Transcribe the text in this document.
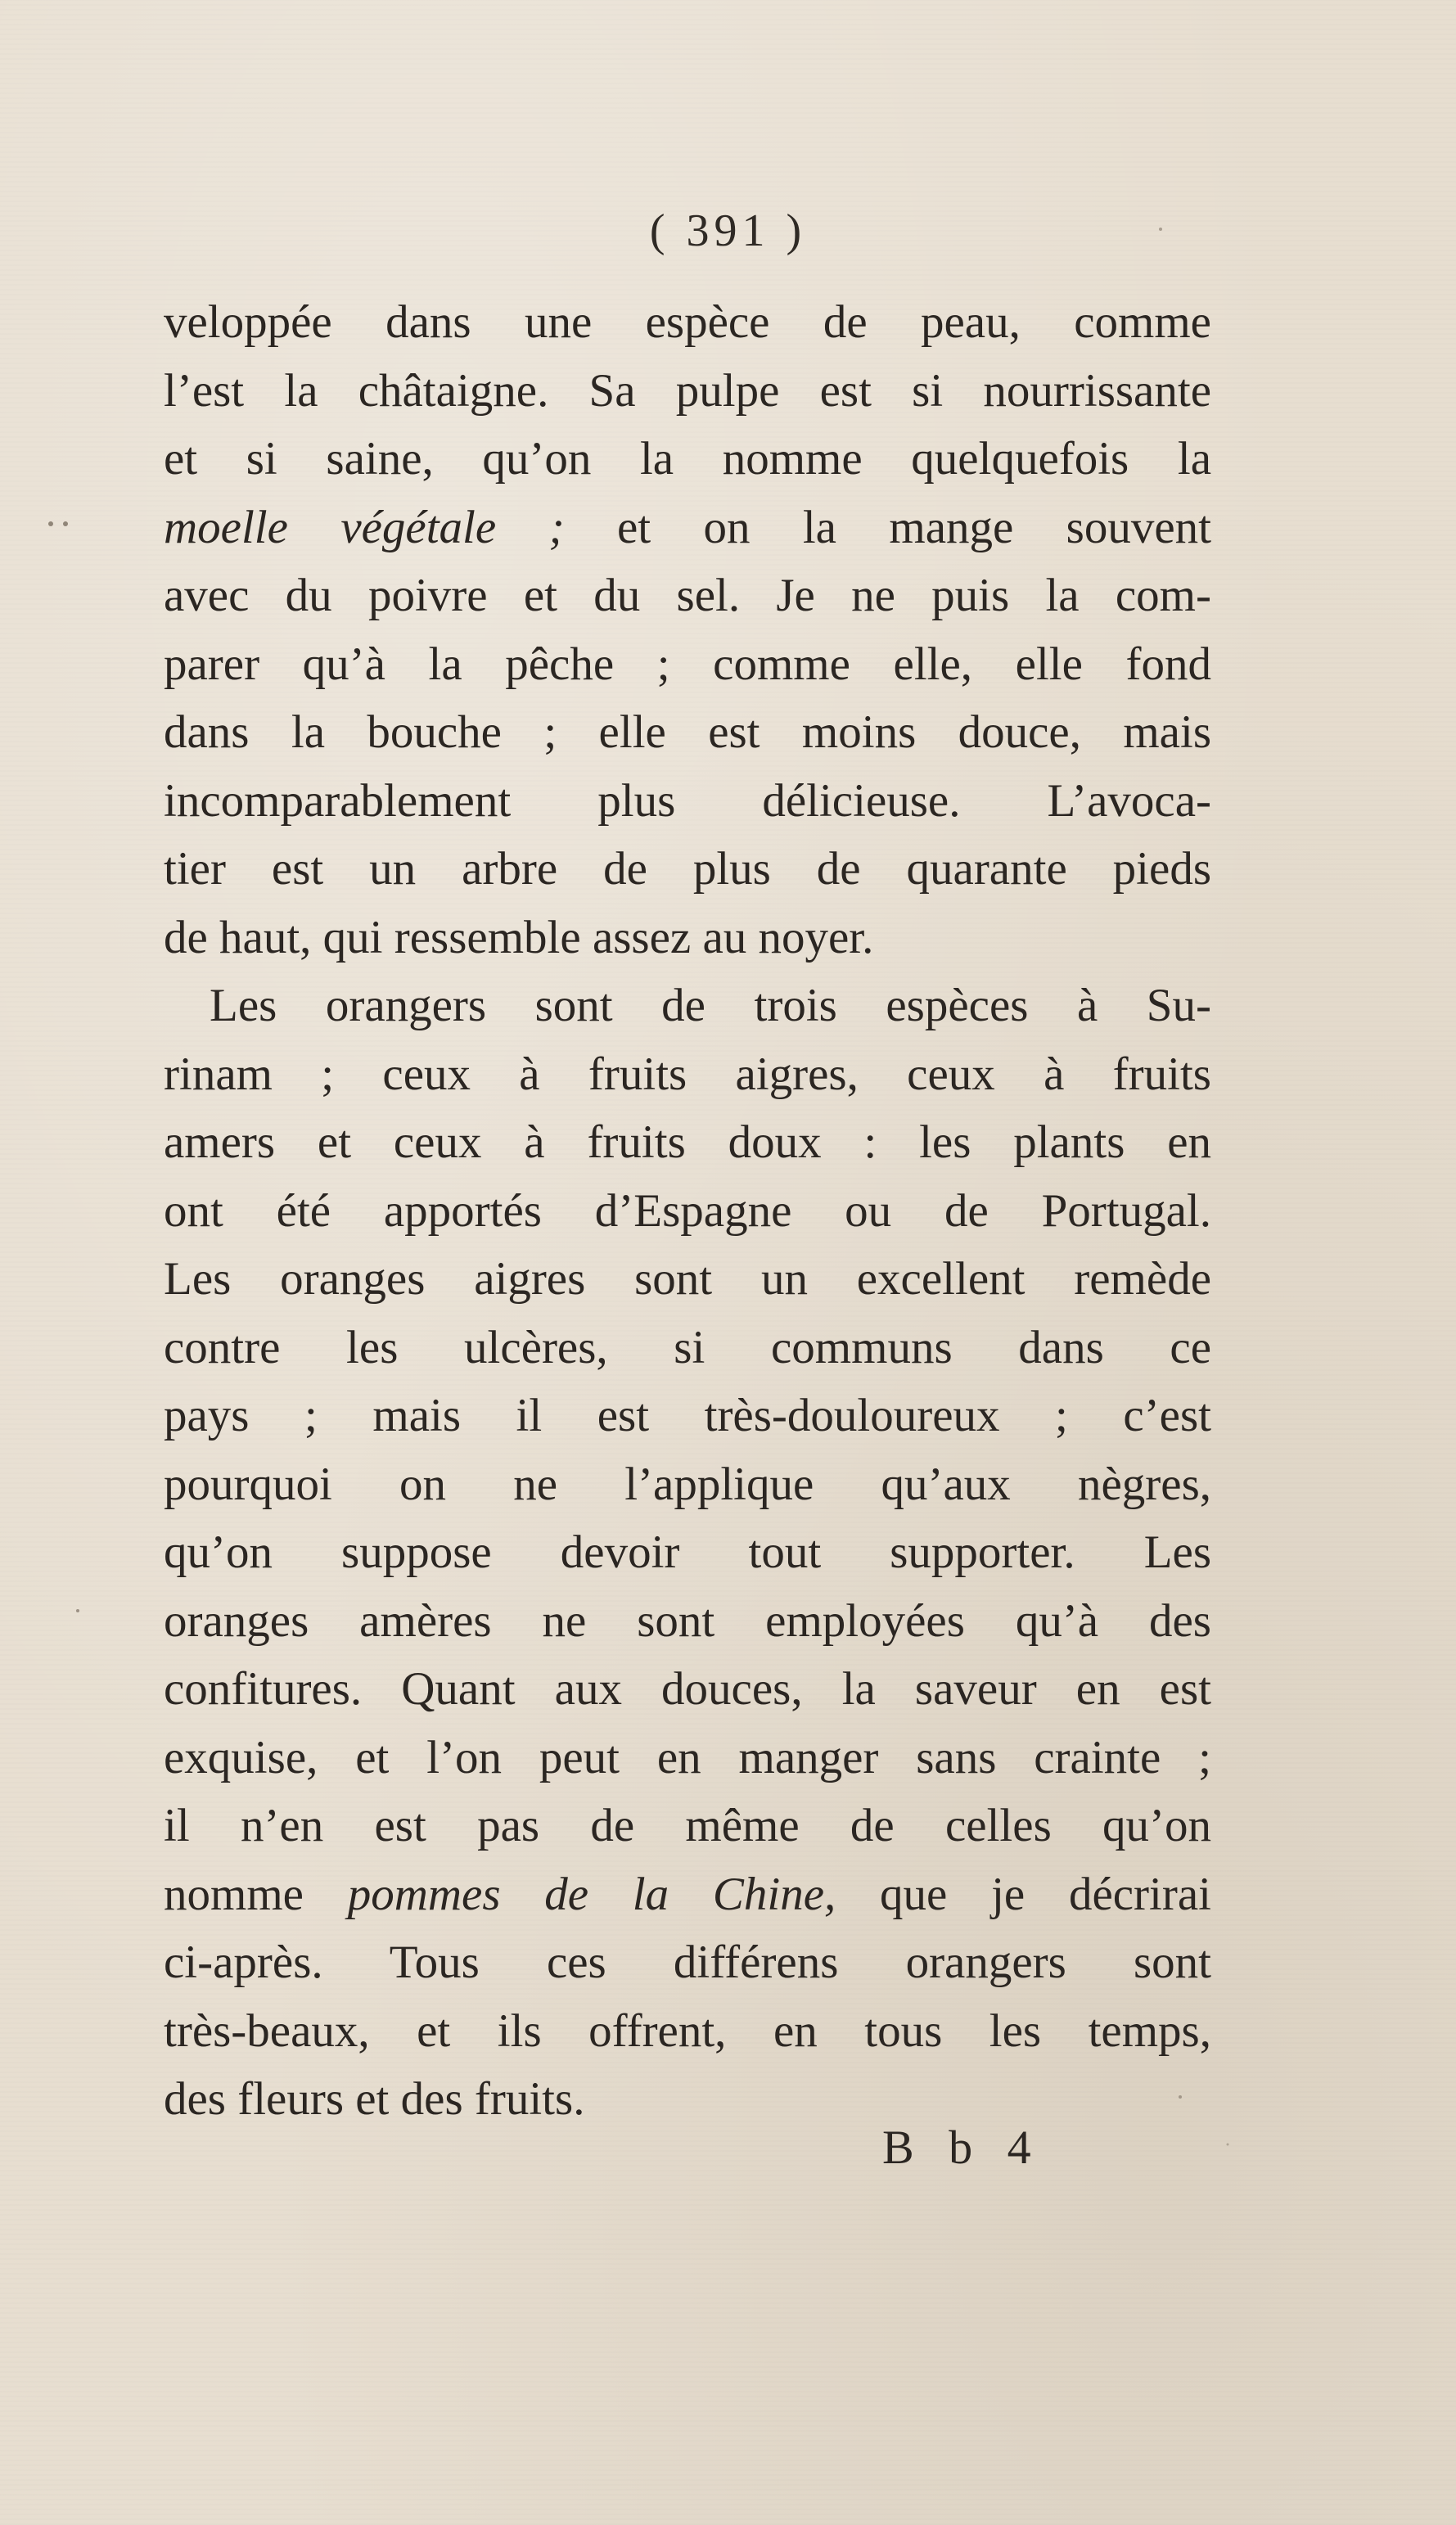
( 391 )
veloppée dans une espèce de peau, comme
l’est la châtaigne. Sa pulpe est si nourrissante
et si saine, qu’on la nomme quelquefois la
moelle végétale ; et on la mange souvent
avec du poivre et du sel. Je ne puis la com-
parer qu’à la pêche ; comme elle, elle fond
dans la bouche ; elle est moins douce, mais
incomparablement plus délicieuse. L’avoca-
tier est un arbre de plus de quarante pieds
de haut, qui ressemble assez au noyer.
Les orangers sont de trois espèces à Su-
rinam ; ceux à fruits aigres, ceux à fruits
amers et ceux à fruits doux : les plants en
ont été apportés d’Espagne ou de Portugal.
Les oranges aigres sont un excellent remède
contre les ulcères, si communs dans ce
pays ; mais il est très-douloureux ; c’est
pourquoi on ne l’applique qu’aux nègres,
qu’on suppose devoir tout supporter. Les
oranges amères ne sont employées qu’à des
confitures. Quant aux douces, la saveur en est
exquise, et l’on peut en manger sans crainte ;
il n’en est pas de même de celles qu’on
nomme pommes de la Chine, que je décrirai
ci-après. Tous ces différens orangers sont
très-beaux, et ils offrent, en tous les temps,
des fleurs et des fruits.
B b 4
